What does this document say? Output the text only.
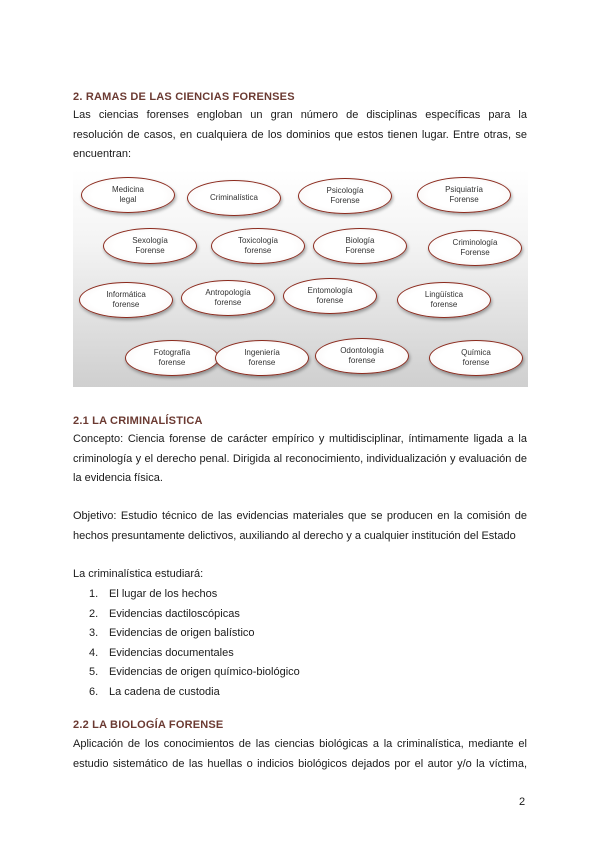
2. RAMAS DE LAS CIENCIAS FORENSES
Las ciencias forenses engloban un gran número de disciplinas específicas para la
resolución de casos, en cualquiera de los dominios que estos tienen lugar. Entre otras, se
encuentran:
Medicina
legal	Criminalística
Psicología
Forense
Psiquiatría
Forense
Sexología
Forense
Toxicología
forense
Biología
Forense
Criminología
Forense
Informática
forense
Antropología
forense
Entomología
forense
Lingüística
forense
Fotografía
forense
Ingeniería
forense
Odontología
forense
Química
forense
2.1 LA CRIMINALÍSTICA
Concepto: Ciencia forense de carácter empírico y multidisciplinar, íntimamente ligada a la
criminología y el derecho penal. Dirigida al reconocimiento, individualización y evaluación de
la evidencia física.
Objetivo: Estudio técnico de las evidencias materiales que se producen en la comisión de
hechos presuntamente delictivos, auxiliando al derecho y a cualquier institución del Estado
La criminalística estudiará:
1. El lugar de los hechos
2. Evidencias dactiloscópicas
3. Evidencias de origen balístico
4. Evidencias documentales
5. Evidencias de origen químico-biológico
6. La cadena de custodia
2.2 LA BIOLOGÍA FORENSE
Aplicación de los conocimientos de las ciencias biológicas a la criminalística, mediante el
estudio sistemático de las huellas o indicios biológicos dejados por el autor y/o la víctima,
2
